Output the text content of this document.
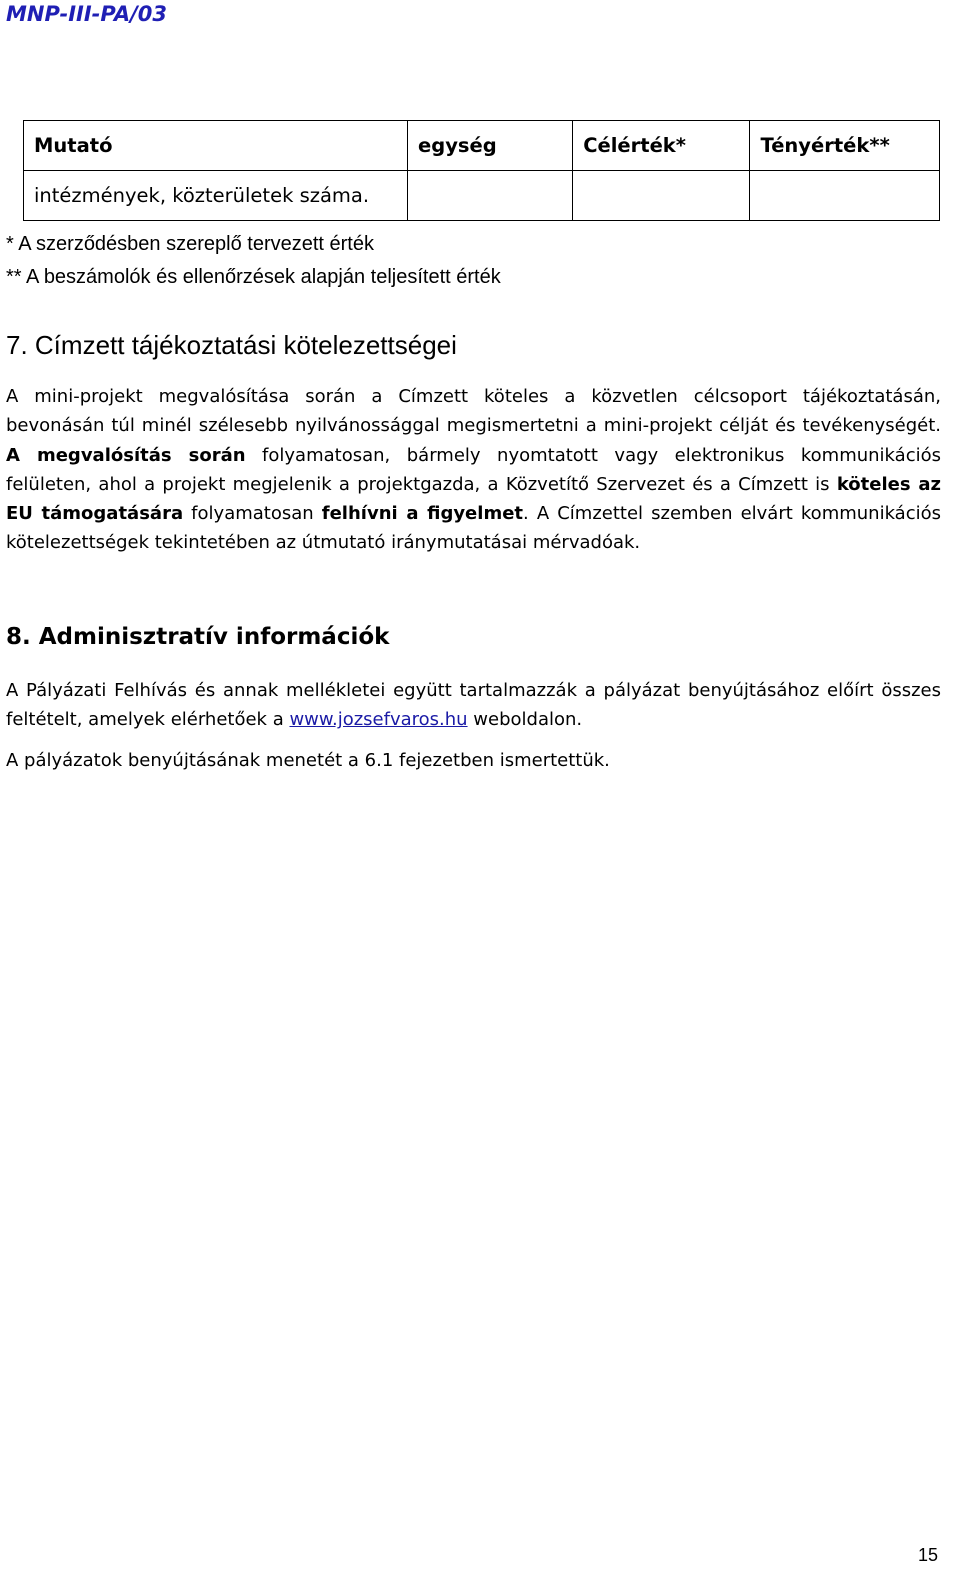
MNP-III-PA/03

Mutató	egység	Célérték*	Tényérték**
intézmények, közterületek száma.			

* A szerződésben szereplő tervezett érték

** A beszámolók és ellenőrzések alapján teljesített érték

7. Címzett tájékoztatási kötelezettségei

A mini-projekt megvalósítása során a Címzett köteles a közvetlen célcsoport tájékoztatásán, bevonásán túl minél szélesebb nyilvánossággal megismertetni a mini-projekt célját és tevékenységét. A megvalósítás során folyamatosan, bármely nyomtatott vagy elektronikus kommunikációs felületen, ahol a projekt megjelenik a projektgazda, a Közvetítő Szervezet és a Címzett is köteles az EU támogatására folyamatosan felhívni a figyelmet. A Címzettel szemben elvárt kommunikációs kötelezettségek tekintetében az útmutató iránymutatásai mérvadóak.

8. Adminisztratív információk

A Pályázati Felhívás és annak mellékletei együtt tartalmazzák a pályázat benyújtásához előírt összes feltételt, amelyek elérhetőek a www.jozsefvaros.hu weboldalon.

A pályázatok benyújtásának menetét a 6.1 fejezetben ismertettük.

15
